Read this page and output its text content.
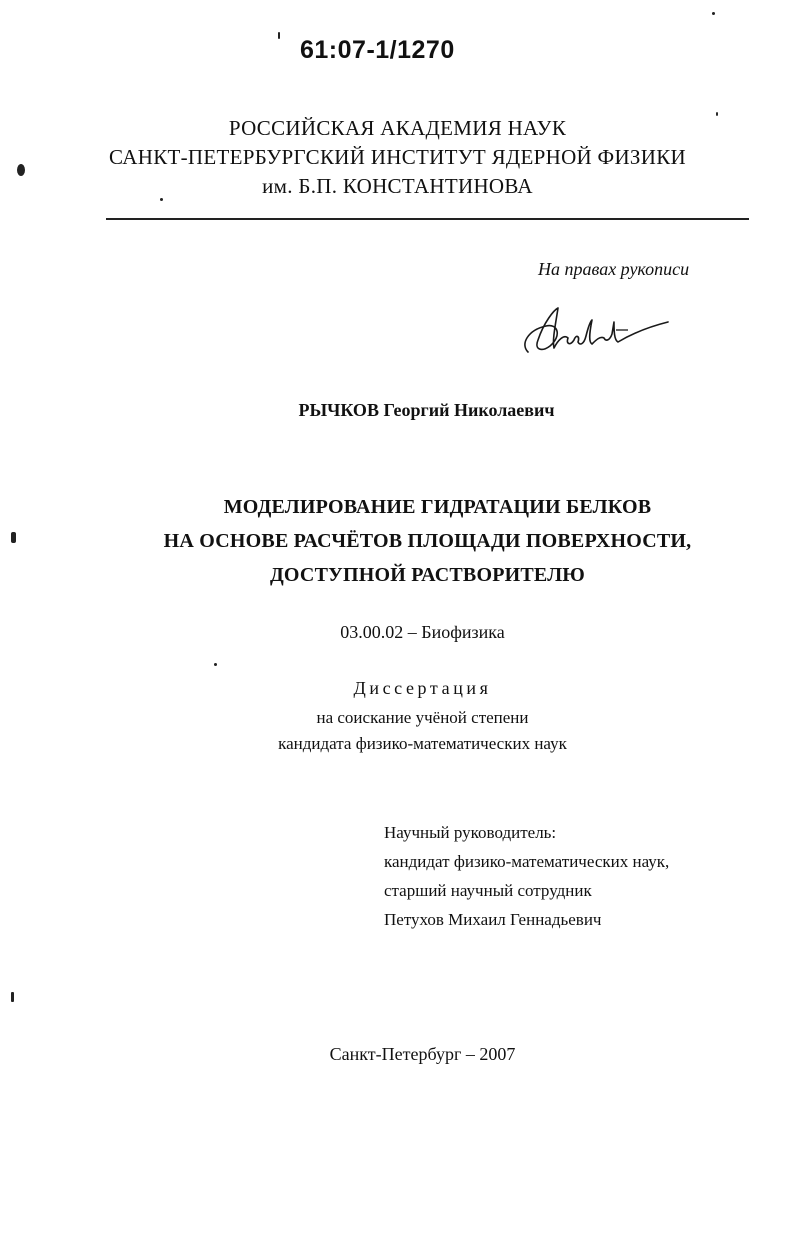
61:07-1/1270
РОССИЙСКАЯ АКАДЕМИЯ НАУК
САНКТ-ПЕТЕРБУРГСКИЙ ИНСТИТУТ ЯДЕРНОЙ ФИЗИКИ
им. Б.П. КОНСТАНТИНОВА
На правах рукописи
РЫЧКОВ Георгий Николаевич
МОДЕЛИРОВАНИЕ ГИДРАТАЦИИ БЕЛКОВ
НА ОСНОВЕ РАСЧЁТОВ ПЛОЩАДИ ПОВЕРХНОСТИ,
ДОСТУПНОЙ РАСТВОРИТЕЛЮ
03.00.02 – Биофизика
Диссертация
на соискание учёной степени
кандидата физико-математических наук
Научный руководитель:
кандидат физико-математических наук,
старший научный сотрудник
Петухов Михаил Геннадьевич
Санкт-Петербург – 2007
